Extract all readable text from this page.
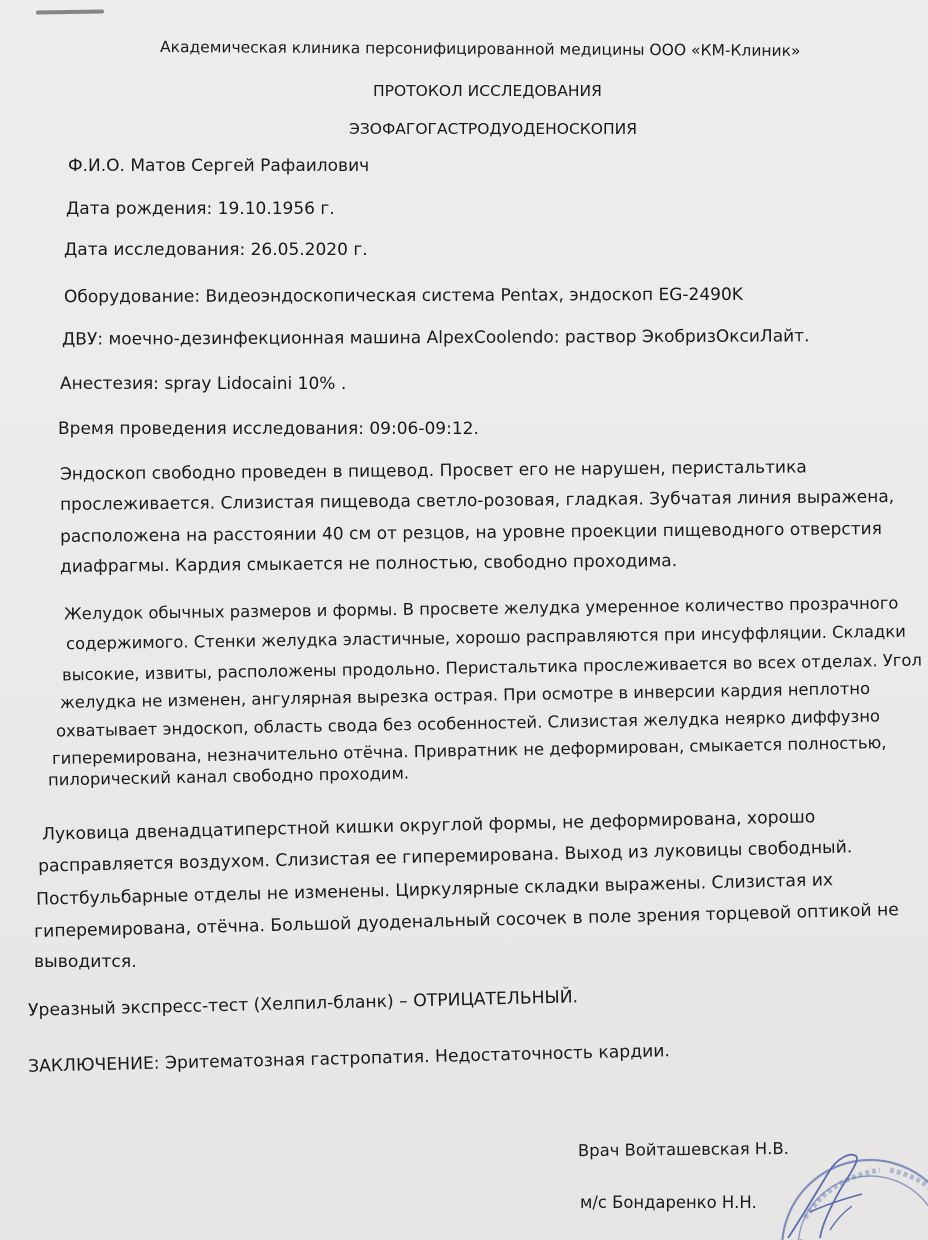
Академическая клиника персонифицированной медицины ООО «КМ-Клиник»
ПРОТОКОЛ ИССЛЕДОВАНИЯ
ЭЗОФАГОГАСТРОДУОДЕНОСКОПИЯ
Ф.И.О. Матов Сергей Рафаилович
Дата рождения: 19.10.1956 г.
Дата исследования: 26.05.2020 г.
Оборудование: Видеоэндоскопическая система Pentax, эндоскоп EG-2490K
ДВУ: моечно-дезинфекционная машина AlpexCoolendo: раствор ЭкобризОксиЛайт.
Анестезия: spray Lidocaini 10% .
Время проведения исследования: 09:06-09:12.
Эндоскоп свободно проведен в пищевод. Просвет его не нарушен, перистальтика
прослеживается. Слизистая пищевода светло-розовая, гладкая. Зубчатая линия выражена,
расположена на расстоянии 40 см от резцов, на уровне проекции пищеводного отверстия
диафрагмы. Кардия смыкается не полностью, свободно проходима.
Желудок обычных размеров и формы. В просвете желудка умеренное количество прозрачного
содержимого. Стенки желудка эластичные, хорошо расправляются при инсуффляции. Складки
высокие, извиты, расположены продольно. Перистальтика прослеживается во всех отделах. Угол
желудка не изменен, ангулярная вырезка острая. При осмотре в инверсии кардия неплотно
охватывает эндоскоп, область свода без особенностей. Слизистая желудка неярко диффузно
гиперемирована, незначительно отёчна. Привратник не деформирован, смыкается полностью,
пилорический канал свободно проходим.
Луковица двенадцатиперстной кишки округлой формы, не деформирована, хорошо
расправляется воздухом. Слизистая ее гиперемирована. Выход из луковицы свободный.
Постбульбарные отделы не изменены. Циркулярные складки выражены. Слизистая их
гиперемирована, отёчна. Большой дуоденальный сосочек в поле зрения торцевой оптикой не
выводится.
Уреазный экспресс-тест (Хелпил-бланк) – ОТРИЦАТЕЛЬНЫЙ.
ЗАКЛЮЧЕНИЕ: Эритематозная гастропатия. Недостаточность кардии.
Врач Войташевская Н.В.
м/с Бондаренко Н.Н.
